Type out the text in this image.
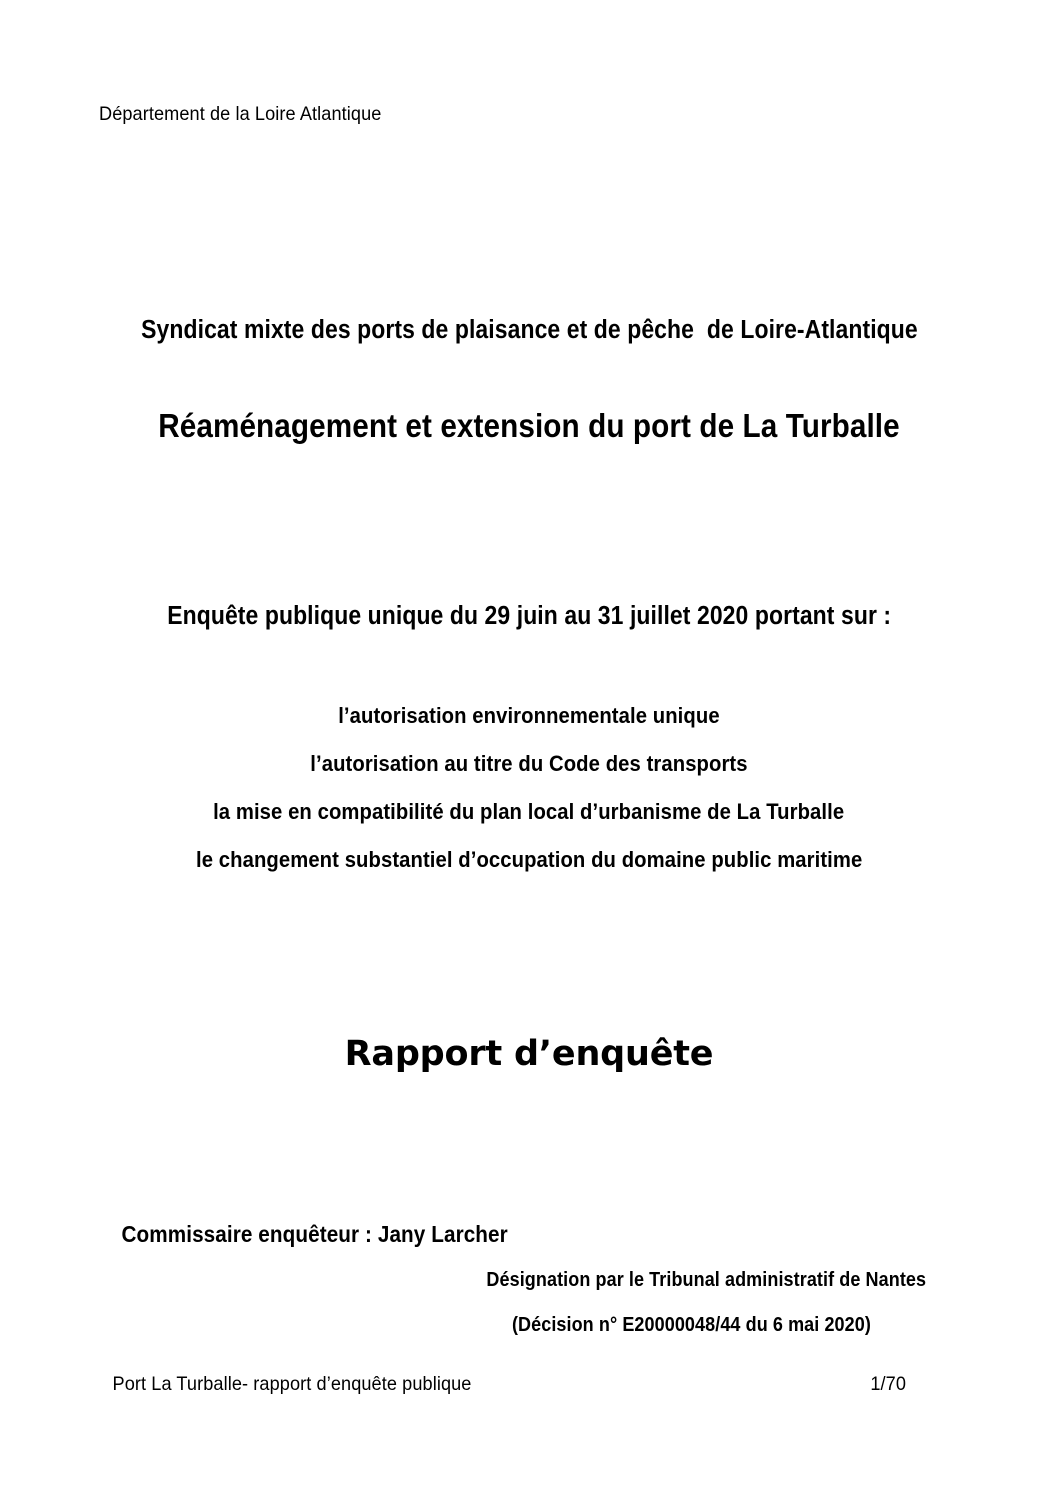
Département de la Loire Atlantique
Syndicat mixte des ports de plaisance et de pêche  de Loire-Atlantique
Réaménagement et extension du port de La Turballe
Enquête publique unique du 29 juin au 31 juillet 2020 portant sur :
l’autorisation environnementale unique
l’autorisation au titre du Code des transports
la mise en compatibilité du plan local d’urbanisme de La Turballe
le changement substantiel d’occupation du domaine public maritime
Rapport d’enquête
Commissaire enquêteur : Jany Larcher
Désignation par le Tribunal administratif de Nantes
(Décision n° E20000048/44 du 6 mai 2020)
Port La Turballe- rapport d’enquête publique	1/70
